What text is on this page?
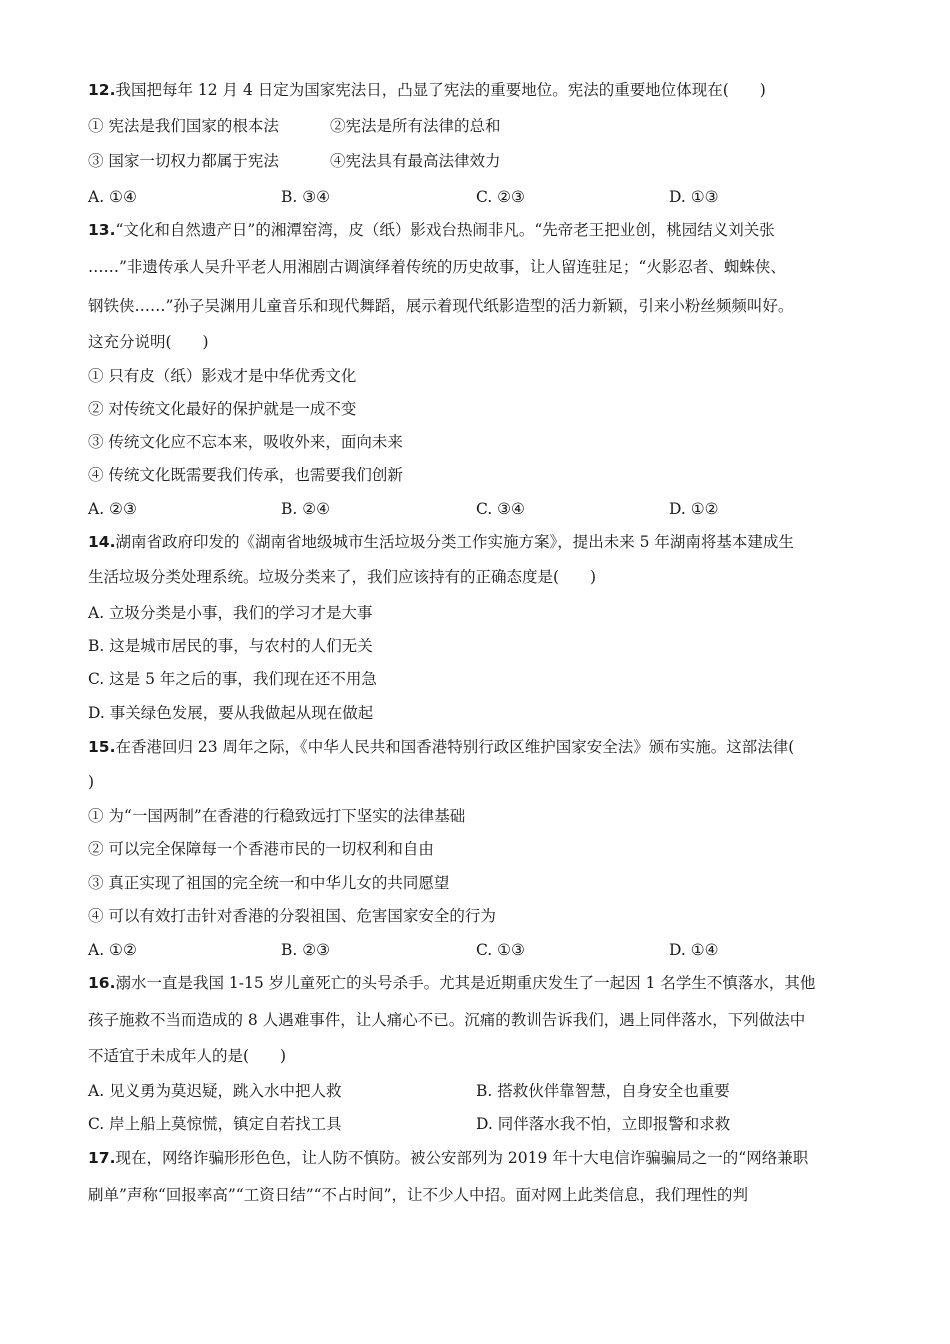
12.我国把每年 12 月 4 日定为国家宪法日，凸显了宪法的重要地位。宪法的重要地位体现在(　　)
① 宪法是我们国家的根本法	②宪法是所有法律的总和
③ 国家一切权力都属于宪法	④宪法具有最高法律效力
A. ①④	B. ③④	C. ②③	D. ①③
13.“文化和自然遗产日”的湘潭窑湾，皮（纸）影戏台热闹非凡。“先帝老王把业创，桃园结义刘关张
……”非遗传承人吴升平老人用湘剧古调演绎着传统的历史故事，让人留连驻足；“火影忍者、蜘蛛侠、
钢铁侠……”孙子吴渊用儿童音乐和现代舞蹈，展示着现代纸影造型的活力新颖，引来小粉丝频频叫好。
这充分说明(　　)
① 只有皮（纸）影戏才是中华优秀文化
② 对传统文化最好的保护就是一成不变
③ 传统文化应不忘本来，吸收外来，面向未来
④ 传统文化既需要我们传承，也需要我们创新
A. ②③	B. ②④	C. ③④	D. ①②
14.湖南省政府印发的《湖南省地级城市生活垃圾分类工作实施方案》，提出未来 5 年湖南将基本建成生
生活垃圾分类处理系统。垃圾分类来了，我们应该持有的正确态度是(　　)
A. 立圾分类是小事，我们的学习才是大事
B. 这是城市居民的事，与农村的人们无关
C. 这是 5 年之后的事，我们现在还不用急
D. 事关绿色发展，要从我做起从现在做起
15.在香港回归 23 周年之际，《中华人民共和国香港特别行政区维护国家安全法》颁布实施。这部法律(
)
① 为“一国两制”在香港的行稳致远打下坚实的法律基础
② 可以完全保障每一个香港市民的一切权利和自由
③ 真正实现了祖国的完全统一和中华儿女的共同愿望
④ 可以有效打击针对香港的分裂祖国、危害国家安全的行为
A. ①②	B. ②③	C. ①③	D. ①④
16.溺水一直是我国 1-15 岁儿童死亡的头号杀手。尤其是近期重庆发生了一起因 1 名学生不慎落水，其他
孩子施救不当而造成的 8 人遇难事件，让人痛心不已。沉痛的教训告诉我们，遇上同伴落水，下列做法中
不适宜于未成年人的是(　　)
A. 见义勇为莫迟疑，跳入水中把人救	B. 搭救伙伴靠智慧，自身安全也重要
C. 岸上船上莫惊慌，镇定自若找工具	D. 同伴落水我不怕，立即报警和求救
17.现在，网络诈骗形形色色，让人防不慎防。被公安部列为 2019 年十大电信诈骗骗局之一的“网络兼职
刷单”声称“回报率高”“工资日结”“不占时间”，让不少人中招。面对网上此类信息，我们理性的判
